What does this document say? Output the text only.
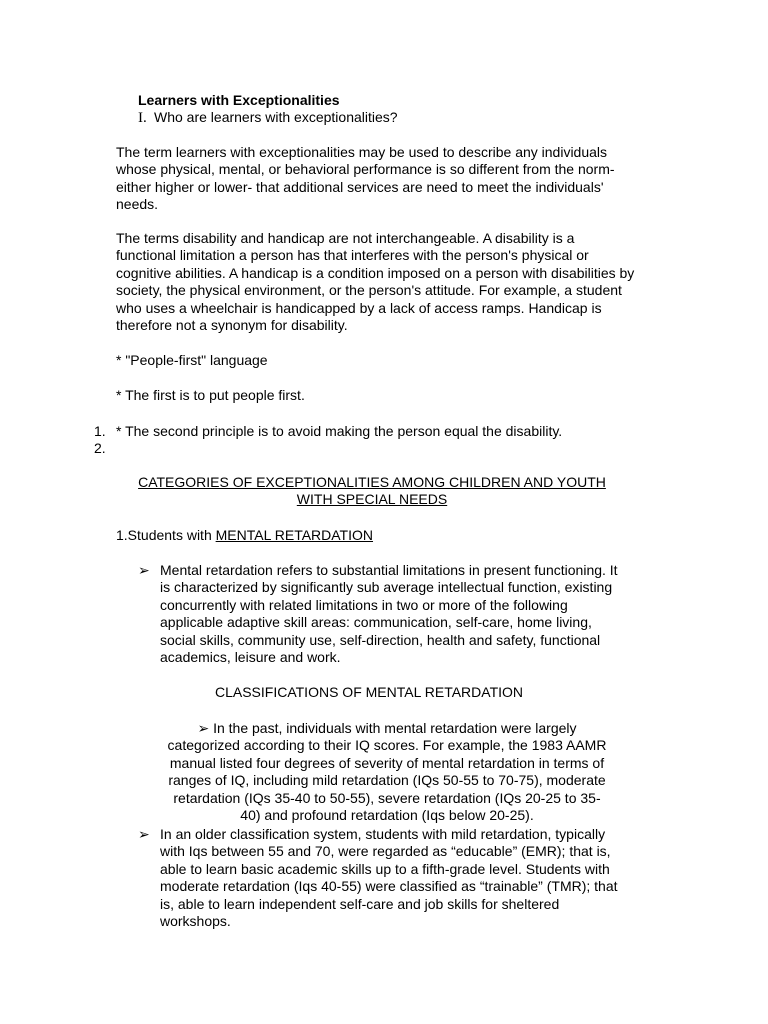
Learners with Exceptionalities
I. Who are learners with exceptionalities?

The term learners with exceptionalities may be used to describe any individuals whose physical, mental, or behavioral performance is so different from the norm-either higher or lower- that additional services are need to meet the individuals' needs.

The terms disability and handicap are not interchangeable. A disability is a functional limitation a person has that interferes with the person's physical or cognitive abilities. A handicap is a condition imposed on a person with disabilities by society, the physical environment, or the person's attitude. For example, a student who uses a wheelchair is handicapped by a lack of access ramps. Handicap is therefore not a synonym for disability.

* "People-first" language
* The first is to put people first.
1. * The second principle is to avoid making the person equal the disability.
2.
CATEGORIES OF EXCEPTIONALITIES AMONG CHILDREN AND YOUTH
WITH SPECIAL NEEDS
1.Students with MENTAL RETARDATION
➢ Mental retardation refers to substantial limitations in present functioning. It is characterized by significantly sub average intellectual function, existing concurrently with related limitations in two or more of the following applicable adaptive skill areas: communication, self-care, home living, social skills, community use, self-direction, health and safety, functional academics, leisure and work.
CLASSIFICATIONS OF MENTAL RETARDATION
➢ In the past, individuals with mental retardation were largely categorized according to their IQ scores. For example, the 1983 AAMR manual listed four degrees of severity of mental retardation in terms of ranges of IQ, including mild retardation (IQs 50-55 to 70-75), moderate retardation (IQs 35-40 to 50-55), severe retardation (IQs 20-25 to 35-40) and profound retardation (Iqs below 20-25).
➢ In an older classification system, students with mild retardation, typically with Iqs between 55 and 70, were regarded as “educable” (EMR); that is, able to learn basic academic skills up to a fifth-grade level. Students with moderate retardation (Iqs 40-55) were classified as “trainable” (TMR); that is, able to learn independent self-care and job skills for sheltered workshops.
